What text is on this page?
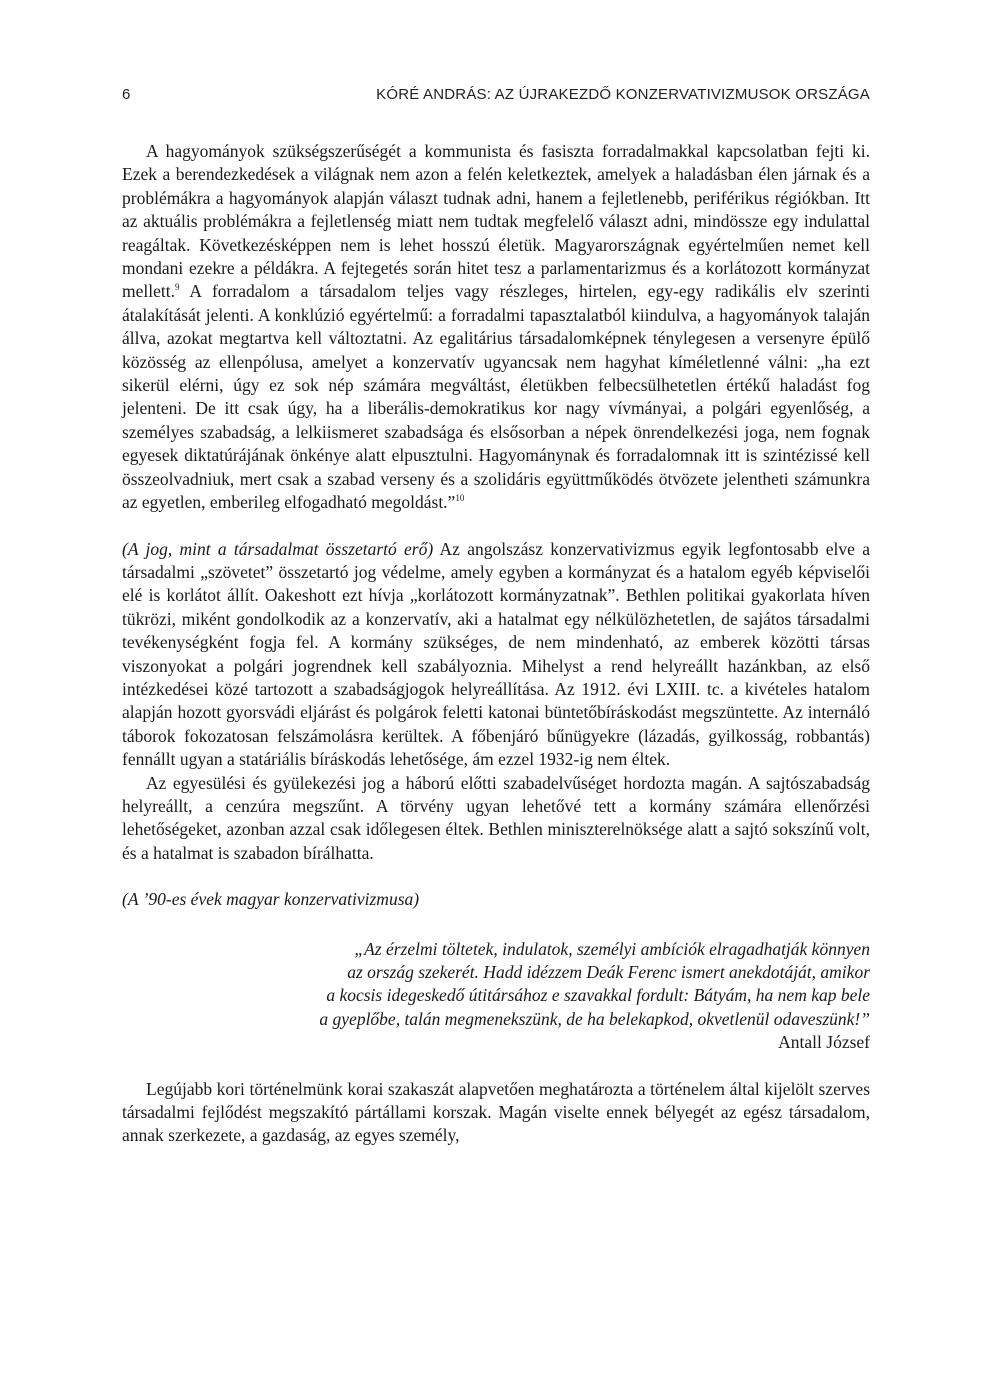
6	KÓRÉ ANDRÁS: AZ ÚJRAKEZDŐ KONZERVATIVIZMUSOK ORSZÁGA

A hagyományok szükségszerűségét a kommunista és fasiszta forradalmakkal kapcsolatban fejti ki. Ezek a berendezkedések a világnak nem azon a felén keletkeztek, amelyek a haladásban élen járnak és a problémákra a hagyományok alapján választ tudnak adni, hanem a fejletlenebb, periférikus régiókban. Itt az aktuális problémákra a fejletlenség miatt nem tudtak megfelelő választ adni, mindössze egy indulattal reagáltak. Következésképpen nem is lehet hosszú életük. Magyarországnak egyértelműen nemet kell mondani ezekre a példákra. A fejtegetés során hitet tesz a parlamentarizmus és a korlátozott kormányzat mellett.$^9$ A forradalom a társadalom teljes vagy részleges, hirtelen, egy-egy radikális elv szerinti átalakítását jelenti. A konklúzió egyértelmű: a forradalmi tapasztalatból kiindulva, a hagyományok talaján állva, azokat megtartva kell változtatni. Az egalitárius társadalomképnek ténylegesen a versenyre épülő közösség az ellenpólusa, amelyet a konzervatív ugyancsak nem hagyhat kíméletlenné válni: „ha ezt sikerül elérni, úgy ez sok nép számára megváltást, életükben felbecsülhetetlen értékű haladást fog jelenteni. De itt csak úgy, ha a liberális-demokratikus kor nagy vívmányai, a polgári egyenlőség, a személyes szabadság, a lelkiismeret szabadsága és elsősorban a népek önrendelkezési joga, nem fognak egyesek diktatúrájának önkénye alatt elpusztulni. Hagyománynak és forradalomnak itt is szintézissé kell összeolvadniuk, mert csak a szabad verseny és a szolidáris együttműködés ötvözete jelentheti számunkra az egyetlen, emberileg elfogadható megoldást.”$^{10}$

(A jog, mint a társadalmat összetartó erő) Az angolszász konzervativizmus egyik legfontosabb elve a társadalmi „szövetet” összetartó jog védelme, amely egyben a kormányzat és a hatalom egyéb képviselői elé is korlátot állít. Oakeshott ezt hívja „korlátozott kormányzatnak”. Bethlen politikai gyakorlata híven tükrözi, miként gondolkodik az a konzervatív, aki a hatalmat egy nélkülözhetetlen, de sajátos társadalmi tevékenységként fogja fel. A kormány szükséges, de nem mindenható, az emberek közötti társas viszonyokat a polgári jogrendnek kell szabályoznia. Mihelyst a rend helyreállt hazánkban, az első intézkedései közé tartozott a szabadságjogok helyreállítása. Az 1912. évi LXIII. tc. a kivételes hatalom alapján hozott gyorsvádi eljárást és polgárok feletti katonai büntetőbíráskodást megszüntette. Az internáló táborok fokozatosan felszámolásra kerültek. A főbenjáró bűnügyekre (lázadás, gyilkosság, robbantás) fennállt ugyan a statáriális bíráskodás lehetősége, ám ezzel 1932-ig nem éltek.

Az egyesülési és gyülekezési jog a háború előtti szabadelvűséget hordozta magán. A sajtószabadság helyreállt, a cenzúra megszűnt. A törvény ugyan lehetővé tett a kormány számára ellenőrzési lehetőségeket, azonban azzal csak időlegesen éltek. Bethlen miniszterelnöksége alatt a sajtó sokszínű volt, és a hatalmat is szabadon bírálhatta.

(A ’90-es évek magyar konzervativizmusa)

„Az érzelmi töltetek, indulatok, személyi ambíciók elragadhatják könnyen
az ország szekerét. Hadd idézzem Deák Ferenc ismert anekdotáját, amikor
a kocsis idegeskedő útitársához e szavakkal fordult: Bátyám, ha nem kap bele
a gyeplőbe, talán megmenekszünk, de ha belekapkod, okvetlenül odaveszünk!”
Antall József

Legújabb kori történelmünk korai szakaszát alapvetően meghatározta a történelem által kijelölt szerves társadalmi fejlődést megszakító pártállami korszak. Magán viselte ennek bélyegét az egész társadalom, annak szerkezete, a gazdaság, az egyes személy,
